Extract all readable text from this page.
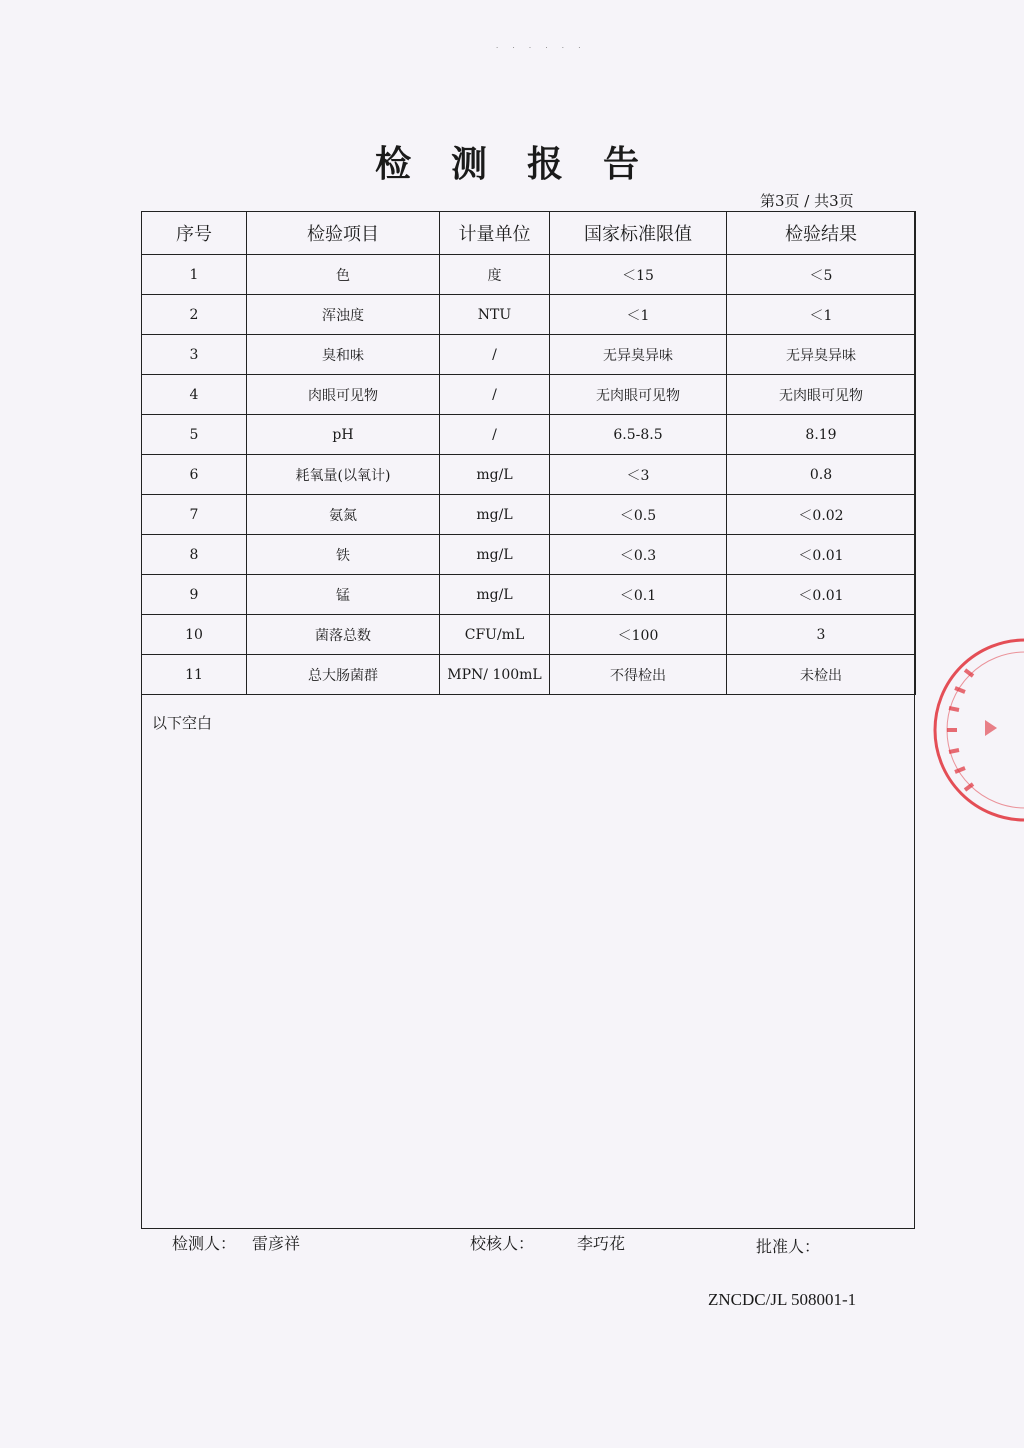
· · · · · ·
检测报告
第3页 / 共3页
序号	检验项目	计量单位	国家标准限值	检验结果
1	色	度	＜15	＜5
2	浑浊度	NTU	＜1	＜1
3	臭和味	/	无异臭异味	无异臭异味
4	肉眼可见物	/	无肉眼可见物	无肉眼可见物
5	pH	/	6.5-8.5	8.19
6	耗氧量(以氧计)	mg/L	＜3	0.8
7	氨氮	mg/L	＜0.5	＜0.02
8	铁	mg/L	＜0.3	＜0.01
9	锰	mg/L	＜0.1	＜0.01
10	菌落总数	CFU/mL	＜100	3
11	总大肠菌群	MPN/ 100mL	不得检出	未检出
以下空白
检测人： 雷彦祥	校核人：	李巧花	批准人：
ZNCDC/JL 508001-1
